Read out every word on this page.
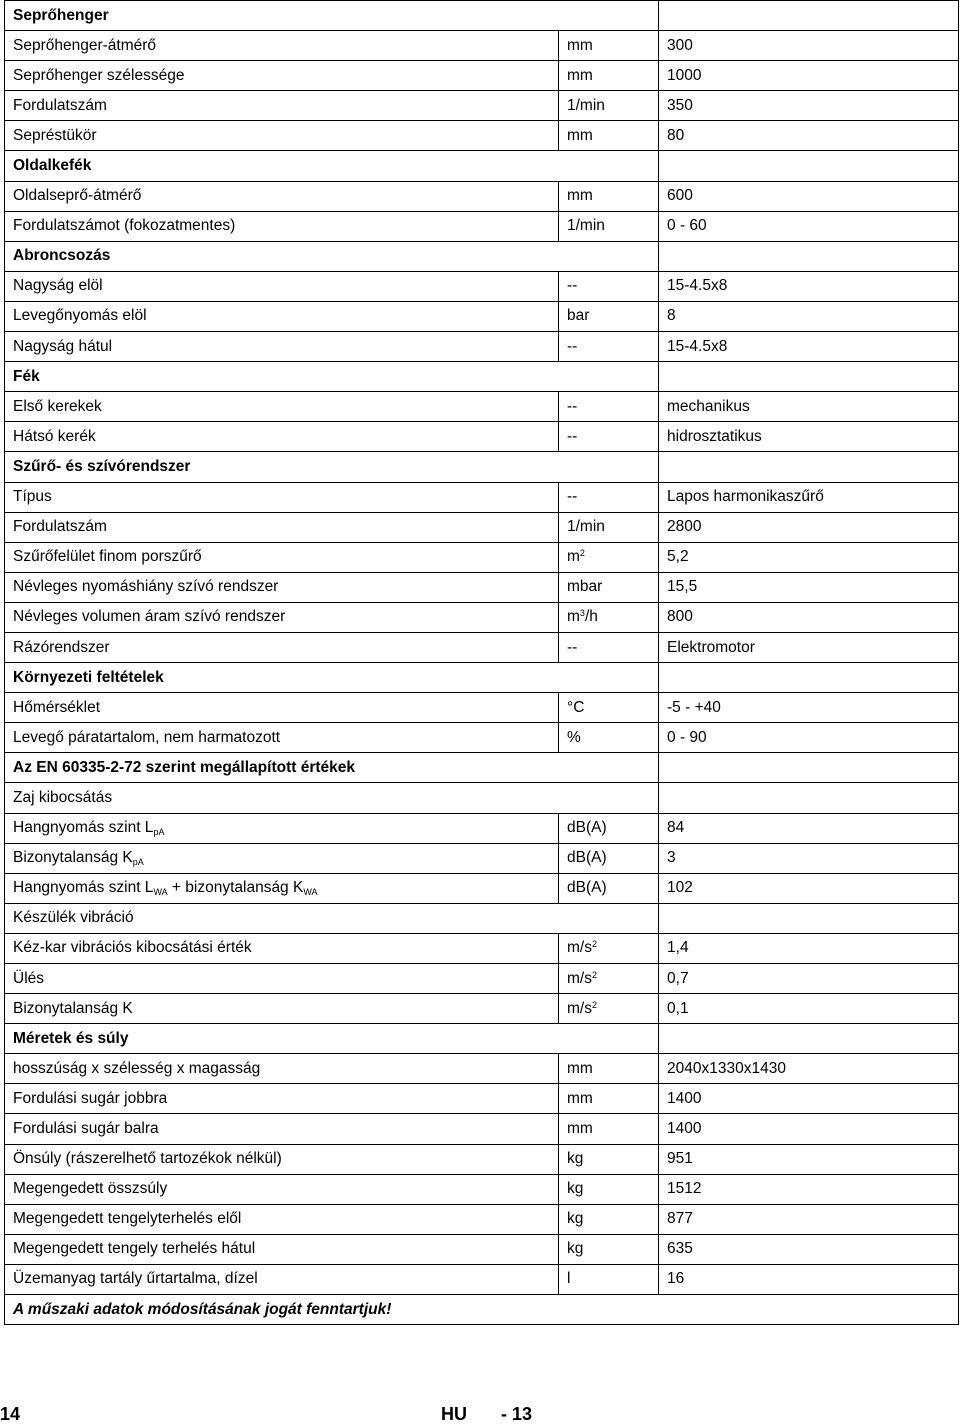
Seprőhenger		
Seprőhenger-átmérő	mm	300
Seprőhenger szélessége	mm	1000
Fordulatszám	1/min	350
Sepréstükör	mm	80
Oldalkefék		
Oldalseprő-átmérő	mm	600
Fordulatszámot (fokozatmentes)	1/min	0 - 60
Abroncsozás		
Nagyság elöl	--	15-4.5x8
Levegőnyomás elöl	bar	8
Nagyság hátul	--	15-4.5x8
Fék		
Első kerekek	--	mechanikus
Hátsó kerék	--	hidrosztatikus
Szűrő- és szívórendszer		
Típus	--	Lapos harmonikaszűrő
Fordulatszám	1/min	2800
Szűrőfelület finom porszűrő	$m^2$	5,2
Névleges nyomáshiány szívó rendszer	mbar	15,5
Névleges volumen áram szívó rendszer	$m^3/h$	800
Rázórendszer	--	Elektromotor
Környezeti feltételek		
Hőmérséklet	°C	-5 - +40
Levegő páratartalom, nem harmatozott	%	0 - 90
Az EN 60335-2-72 szerint megállapított értékek		
Zaj kibocsátás		
Hangnyomás szint $L_{pA}$	dB(A)	84
Bizonytalanság $K_{pA}$	dB(A)	3
Hangnyomás szint $L_{WA}$ + bizonytalanság $K_{WA}$	dB(A)	102
Készülék vibráció		
Kéz-kar vibrációs kibocsátási érték	$m/s^2$	1,4
Ülés	$m/s^2$	0,7
Bizonytalanság K	$m/s^2$	0,1
Méretek és súly		
hosszúság x szélesség x magasság	mm	2040x1330x1430
Fordulási sugár jobbra	mm	1400
Fordulási sugár balra	mm	1400
Önsúly (rászerelhető tartozékok nélkül)	kg	951
Megengedett összsúly	kg	1512
Megengedett tengelyterhelés elől	kg	877
Megengedett tengely terhelés hátul	kg	635
Üzemanyag tartály űrtartalma, dízel	l	16
A műszaki adatok módosításának jogát fenntartjuk!		
14	HU - 13
